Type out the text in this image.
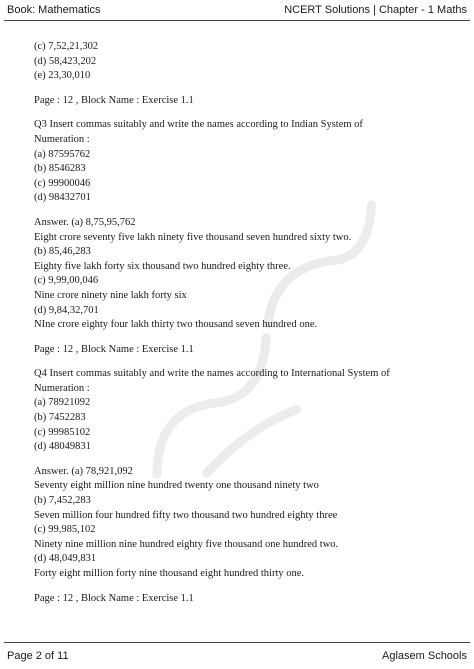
Book: Mathematics	NCERT Solutions | Chapter - 1 Maths
(c) 7,52,21,302
(d) 58,423,202
(e) 23,30,010
Page : 12 , Block Name : Exercise 1.1
Q3 Insert commas suitably and write the names according to Indian System of
Numeration :
(a) 87595762
(b) 8546283
(c) 99900046
(d) 98432701
Answer. (a) 8,75,95,762
Eight crore seventy five lakh ninety five thousand seven hundred sixty two.
(b) 85,46,283
Eighty five lakh forty six thousand two hundred eighty three.
(c) 9,99,00,046
Nine crore ninety nine lakh forty six
(d) 9,84,32,701
NIne crore eighty four lakh thirty two thousand seven hundred one.
Page : 12 , Block Name : Exercise 1.1
Q4 Insert commas suitably and write the names according to International System of
Numeration :
(a) 78921092
(b) 7452283
(c) 99985102
(d) 48049831
Answer. (a) 78,921,092
Seventy eight million nine hundred twenty one thousand ninety two
(b) 7,452,283
Seven million four hundred fifty two thousand two hundred eighty three
(c) 99,985,102
Ninety nine million nine hundred eighty five thousand one hundred two.
(d) 48,049,831
Forty eight million forty nine thousand eight hundred thirty one.
Page : 12 , Block Name : Exercise 1.1
Page 2 of 11	Aglasem Schools
